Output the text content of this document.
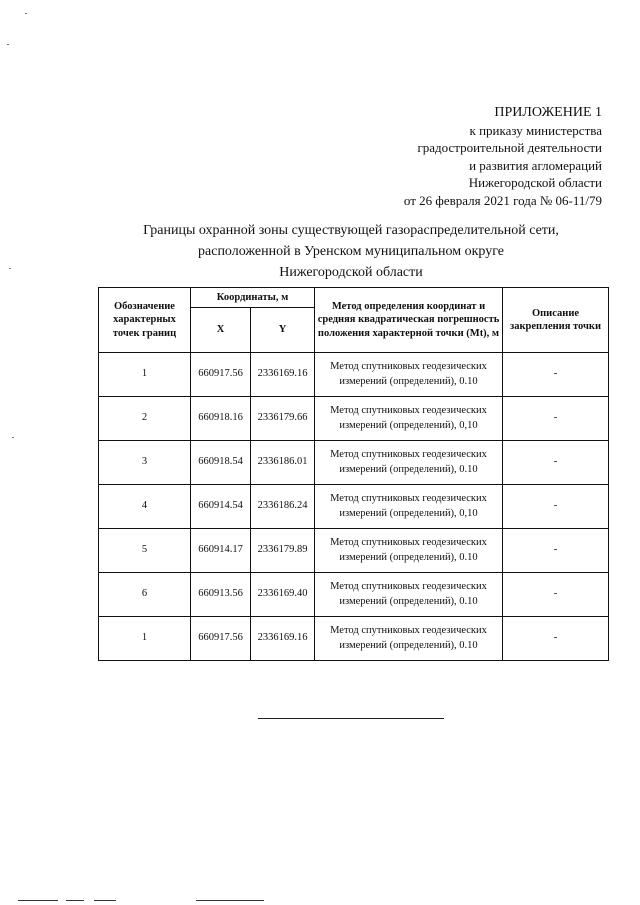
ПРИЛОЖЕНИЕ 1
к приказу министерства
градостроительной деятельности
и развития агломераций
Нижегородской области
от 26 февраля 2021 года № 06-11/79
Границы охранной зоны существующей газораспределительной сети,
расположенной в Уренском муниципальном округе
Нижегородской области
Обозначение характерных точек границ	Координаты, м		Метод определения координат и средняя квадратическая погрешность положения характерной точки (Mt), м	Описание закрепления точки
	X	Y		
1	660917.56	2336169.16	Метод спутниковых геодезических измерений (определений), 0.10	-
2	660918.16	2336179.66	Метод спутниковых геодезических измерений (определений), 0,10	-
3	660918.54	2336186.01	Метод спутниковых геодезических измерений (определений), 0.10	-
4	660914.54	2336186.24	Метод спутниковых геодезических измерений (определений), 0,10	-
5	660914.17	2336179.89	Метод спутниковых геодезических измерений (определений), 0.10	-
6	660913.56	2336169.40	Метод спутниковых геодезических измерений (определений), 0.10	-
1	660917.56	2336169.16	Метод спутниковых геодезических измерений (определений), 0.10	-
